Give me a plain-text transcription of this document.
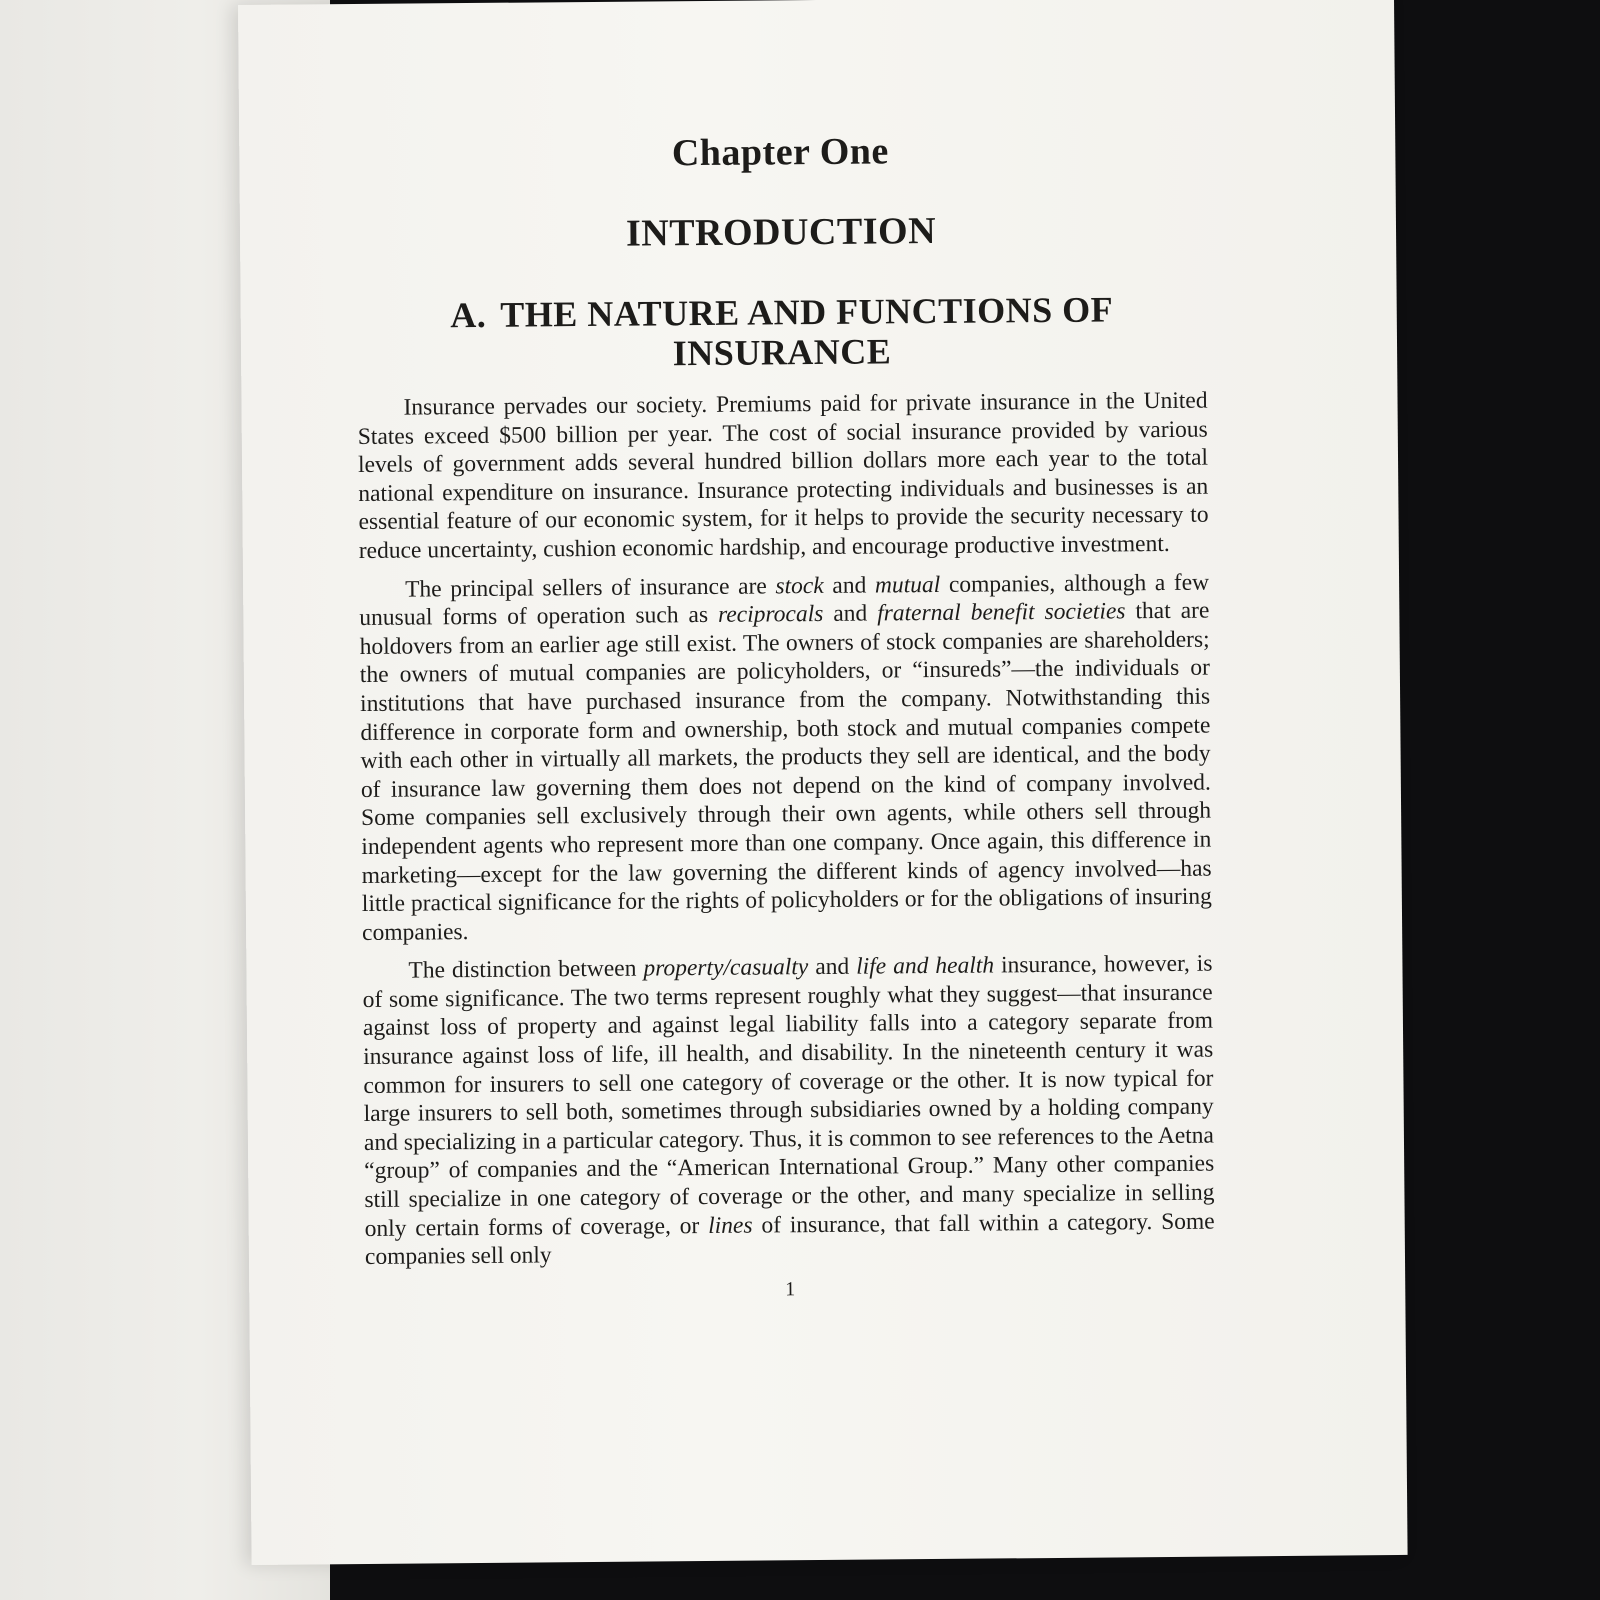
Chapter One
INTRODUCTION
A. THE NATURE AND FUNCTIONS OF INSURANCE

Insurance pervades our society. Premiums paid for private insurance in the United States exceed $500 billion per year. The cost of social insurance provided by various levels of government adds several hundred billion dollars more each year to the total national expenditure on insurance. Insurance protecting individuals and businesses is an essential feature of our economic system, for it helps to provide the security necessary to reduce uncertainty, cushion economic hardship, and encourage productive investment.

The principal sellers of insurance are stock and mutual companies, although a few unusual forms of operation such as reciprocals and fraternal benefit societies that are holdovers from an earlier age still exist. The owners of stock companies are shareholders; the owners of mutual companies are policyholders, or “insureds”—the individuals or institutions that have purchased insurance from the company. Notwithstanding this difference in corporate form and ownership, both stock and mutual companies compete with each other in virtually all markets, the products they sell are identical, and the body of insurance law governing them does not depend on the kind of company involved. Some companies sell exclusively through their own agents, while others sell through independent agents who represent more than one company. Once again, this difference in marketing—except for the law governing the different kinds of agency involved—has little practical significance for the rights of policyholders or for the obligations of insuring companies.

The distinction between property/casualty and life and health insurance, however, is of some significance. The two terms represent roughly what they suggest—that insurance against loss of property and against legal liability falls into a category separate from insurance against loss of life, ill health, and disability. In the nineteenth century it was common for insurers to sell one category of coverage or the other. It is now typical for large insurers to sell both, sometimes through subsidiaries owned by a holding company and specializing in a particular category. Thus, it is common to see references to the Aetna “group” of companies and the “American International Group.” Many other companies still specialize in one category of coverage or the other, and many specialize in selling only certain forms of coverage, or lines of insurance, that fall within a category. Some companies sell only

1
